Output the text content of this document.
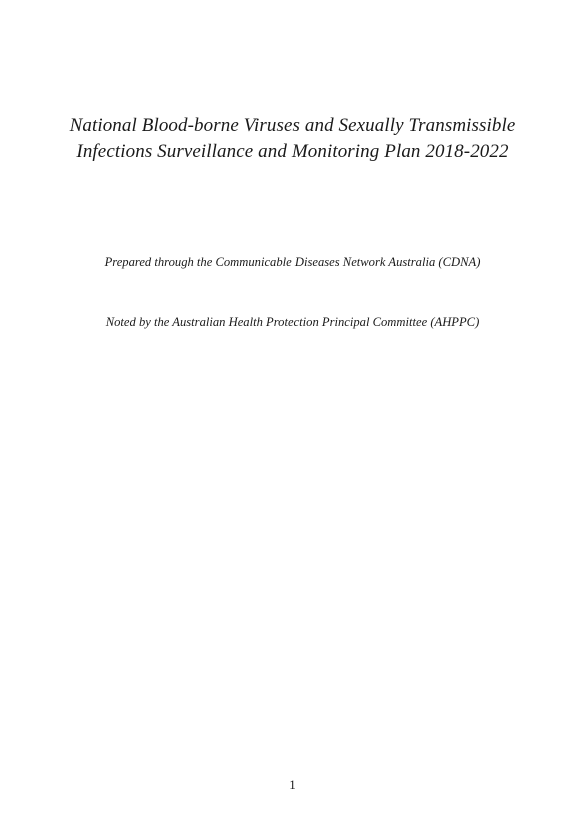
National Blood-borne Viruses and Sexually Transmissible
Infections Surveillance and Monitoring Plan 2018-2022
Prepared through the Communicable Diseases Network Australia (CDNA)
Noted by the Australian Health Protection Principal Committee (AHPPC)
1
